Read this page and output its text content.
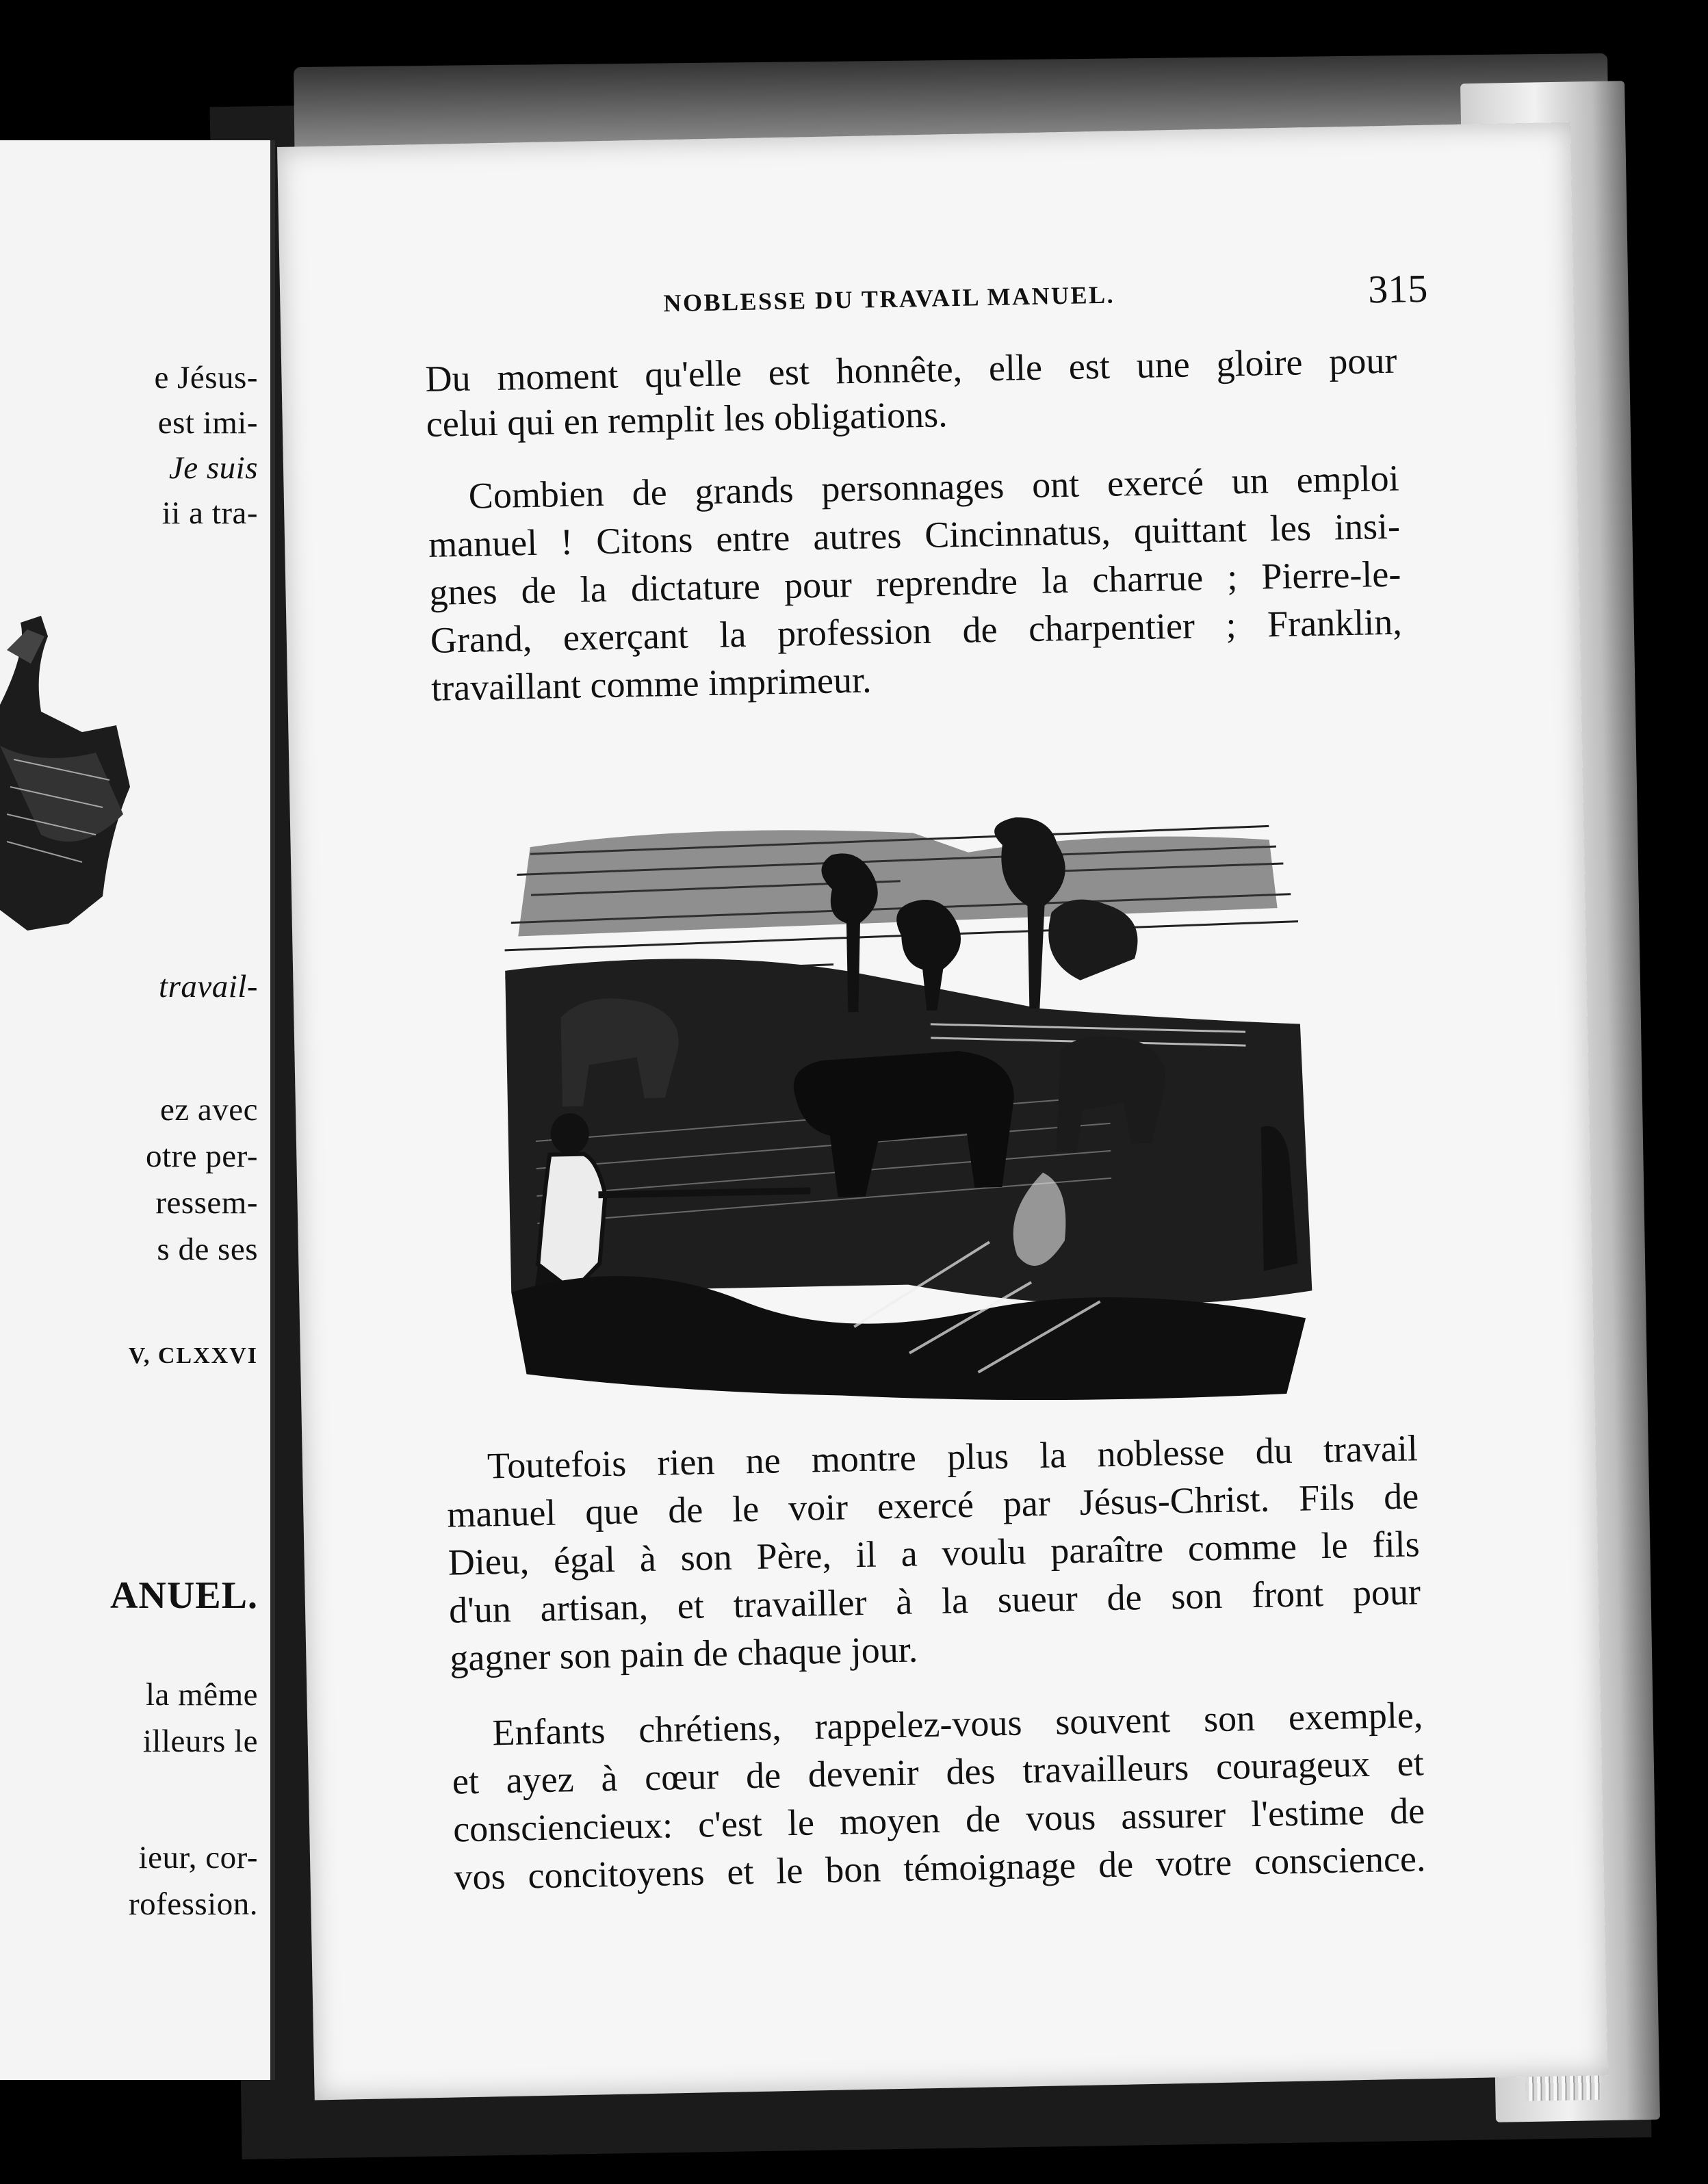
e Jésus-
est imi-
Je suis
ii a tra-
travail-
ez avec
otre per-
ressem-
s de ses
V, CLXXVI
ANUEL.
la même
illeurs le
ieur, cor-
rofession.
NOBLESSE DU TRAVAIL MANUEL.	315
Du moment qu'elle est honnête, elle est une gloire pour
celui qui en remplit les obligations.
Combien de grands personnages ont exercé un emploi
manuel ! Citons entre autres Cincinnatus, quittant les insi-
gnes de la dictature pour reprendre la charrue ; Pierre-le-
Grand, exerçant la profession de charpentier ; Franklin,
travaillant comme imprimeur.
Toutefois rien ne montre plus la noblesse du travail
manuel que de le voir exercé par Jésus-Christ. Fils de
Dieu, égal à son Père, il a voulu paraître comme le fils
d'un artisan, et travailler à la sueur de son front pour
gagner son pain de chaque jour.
Enfants chrétiens, rappelez-vous souvent son exemple,
et ayez à cœur de devenir des travailleurs courageux et
consciencieux: c'est le moyen de vous assurer l'estime de
vos concitoyens et le bon témoignage de votre conscience.
